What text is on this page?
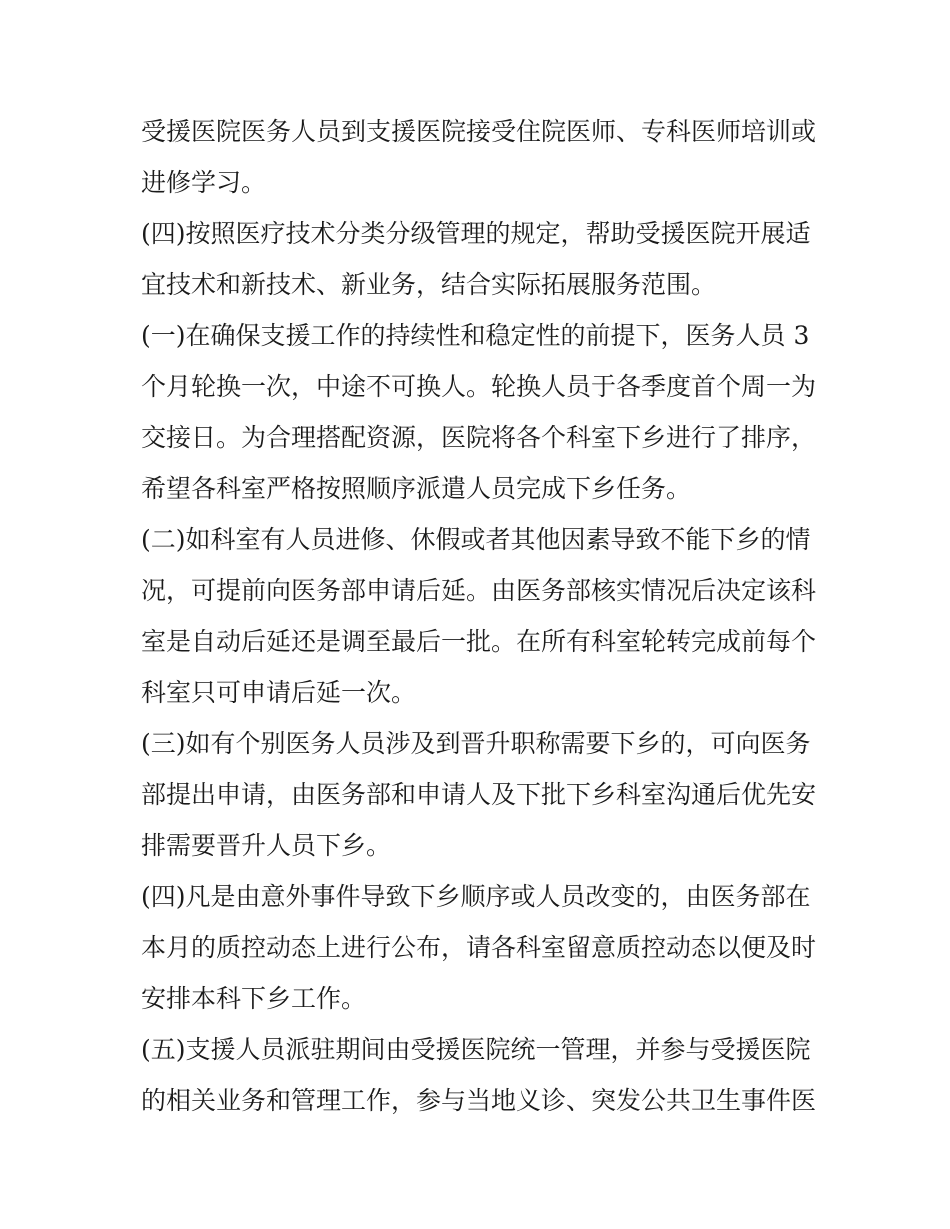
受援医院医务人员到支援医院接受住院医师、专科医师培训或
进修学习。
(四)按照医疗技术分类分级管理的规定，帮助受援医院开展适
宜技术和新技术、新业务，结合实际拓展服务范围。
(一)在确保支援工作的持续性和稳定性的前提下，医务人员 3
个月轮换一次，中途不可换人。轮换人员于各季度首个周一为
交接日。为合理搭配资源，医院将各个科室下乡进行了排序，
希望各科室严格按照顺序派遣人员完成下乡任务。
(二)如科室有人员进修、休假或者其他因素导致不能下乡的情
况，可提前向医务部申请后延。由医务部核实情况后决定该科
室是自动后延还是调至最后一批。在所有科室轮转完成前每个
科室只可申请后延一次。
(三)如有个别医务人员涉及到晋升职称需要下乡的，可向医务
部提出申请，由医务部和申请人及下批下乡科室沟通后优先安
排需要晋升人员下乡。
(四)凡是由意外事件导致下乡顺序或人员改变的，由医务部在
本月的质控动态上进行公布，请各科室留意质控动态以便及时
安排本科下乡工作。
(五)支援人员派驻期间由受援医院统一管理，并参与受援医院
的相关业务和管理工作，参与当地义诊、突发公共卫生事件医
